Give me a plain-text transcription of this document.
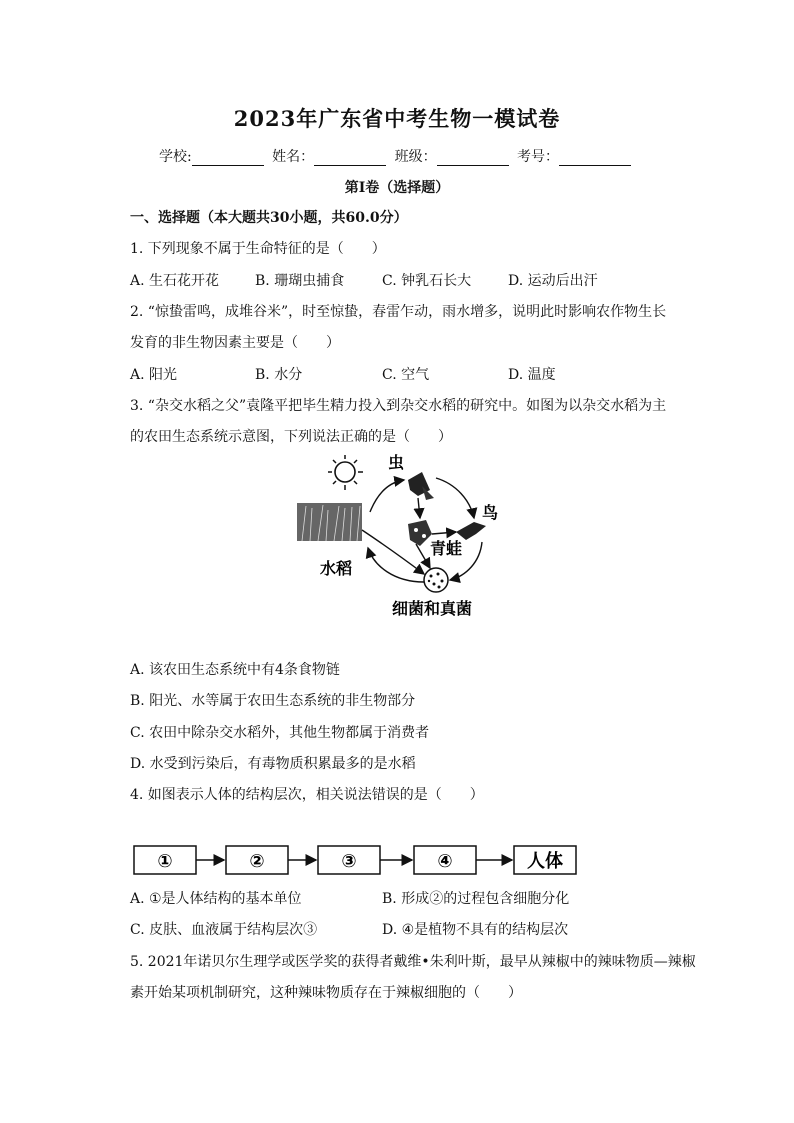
2023年广东省中考生物一模试卷
学校:	姓名：	班级：	考号：
第I卷（选择题）
一、选择题（本大题共30小题，共60.0分）
1. 下列现象不属于生命特征的是（　　）
A. 生石花开花	B. 珊瑚虫捕食	C. 钟乳石长大	D. 运动后出汗
2. “惊蛰雷鸣，成堆谷米”，时至惊蛰，春雷乍动，雨水增多，说明此时影响农作物生长
发育的非生物因素主要是（　　）
A. 阳光	B. 水分	C. 空气	D. 温度
3. “杂交水稻之父”袁隆平把毕生精力投入到杂交水稻的研究中。如图为以杂交水稻为主
的农田生态系统示意图，下列说法正确的是（　　）
水稻
虫
鸟
青蛙
细菌和真菌
A. 该农田生态系统中有4条食物链
B. 阳光、水等属于农田生态系统的非生物部分
C. 农田中除杂交水稻外，其他生物都属于消费者
D. 水受到污染后，有毒物质积累最多的是水稻
4. 如图表示人体的结构层次，相关说法错误的是（　　）
①	②	③	④	人体
A. ①是人体结构的基本单位	B. 形成②的过程包含细胞分化
C. 皮肤、血液属于结构层次③	D. ④是植物不具有的结构层次
5. 2021年诺贝尔生理学或医学奖的获得者戴维•朱利叶斯，最早从辣椒中的辣味物质—辣椒
素开始某项机制研究，这种辣味物质存在于辣椒细胞的（　　）
